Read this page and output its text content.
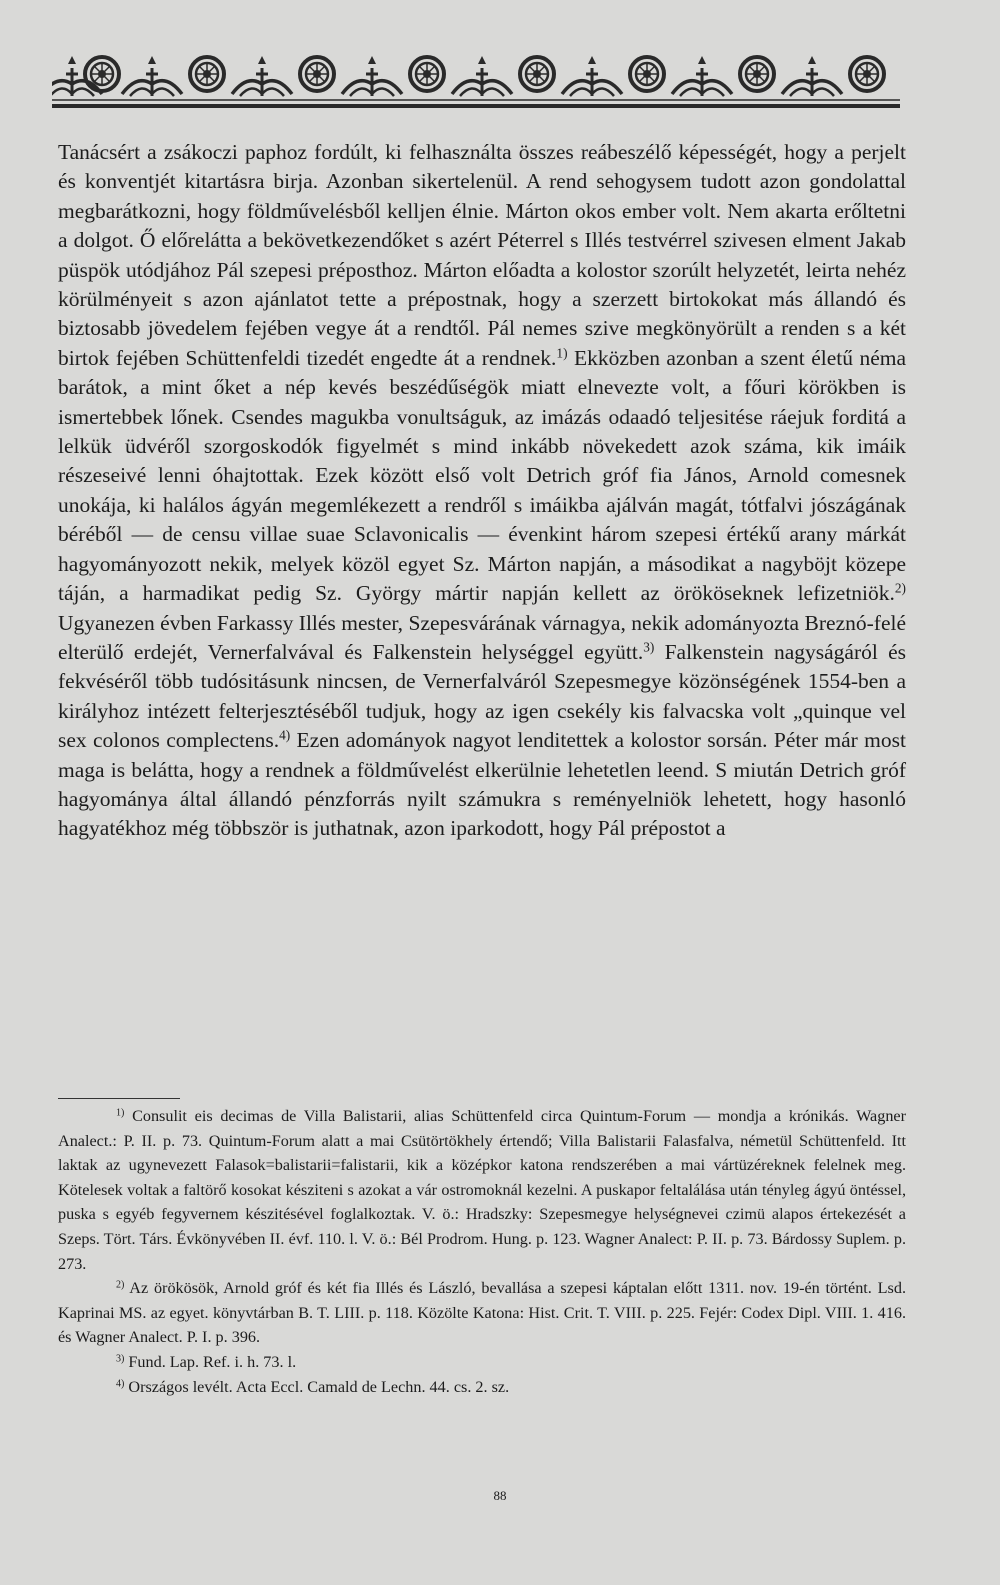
Tanácsért a zsákoczi paphoz fordúlt, ki felhasználta összes reábeszélő képességét, hogy a perjelt és konventjét kitartásra birja. Azonban sikertelenül. A rend sehogysem tudott azon gondolattal megbarátkozni, hogy földművelésből kelljen élnie. Márton okos ember volt. Nem akarta erőltetni a dolgot. Ő előrelátta a bekövetkezendőket s azért Péterrel s Illés testvérrel szivesen elment Jakab püspök utódjához Pál szepesi préposthoz. Márton előadta a kolostor szorúlt helyzetét, leirta nehéz körülményeit s azon ajánlatot tette a prépostnak, hogy a szerzett birtokokat más állandó és biztosabb jövedelem fejében vegye át a rendtől. Pál nemes szive megkönyörült a renden s a két birtok fejében Schüttenfeldi tizedét engedte át a rendnek.$^{1)}$ Ekközben azonban a szent életű néma barátok, a mint őket a nép kevés beszédűségök miatt elnevezte volt, a főuri körökben is ismertebbek lőnek. Csendes magukba vonultságuk, az imázás odaadó teljesitése ráejuk forditá a lelkük üdvéről szorgoskodók figyelmét s mind inkább növekedett azok száma, kik imáik részeseivé lenni óhajtottak. Ezek között első volt Detrich gróf fia János, Arnold comesnek unokája, ki halálos ágyán megemlékezett a rendről s imáikba ajálván magát, tótfalvi jószágának béréből — de censu villae suae Sclavonicalis — évenkint három szepesi értékű arany márkát hagyományozott nekik, melyek közöl egyet Sz. Márton napján, a másodikat a nagyböjt közepe táján, a harmadikat pedig Sz. György mártir napján kellett az örököseknek lefizetniök.$^{2)}$ Ugyanezen évben Farkassy Illés mester, Szepesvárának várnagya, nekik adományozta Breznó-felé elterülő erdejét, Vernerfalvával és Falkenstein helységgel együtt.$^{3)}$ Falkenstein nagyságáról és fekvéséről több tudósitásunk nincsen, de Vernerfalváról Szepesmegye közönségének 1554-ben a királyhoz intézett felterjesztéséből tudjuk, hogy az igen csekély kis falvacska volt „quinque vel sex colonos complectens.$^{4)}$ Ezen adományok nagyot lenditettek a kolostor sorsán. Péter már most maga is belátta, hogy a rendnek a földművelést elkerülnie lehetetlen leend. S miután Detrich gróf hagyománya által állandó pénzforrás nyilt számukra s reményelniök lehetett, hogy hasonló hagyatékhoz még többször is juthatnak, azon iparkodott, hogy Pál prépostot a

$^{1)}$ Consulit eis decimas de Villa Balistarii, alias Schüttenfeld circa Quintum-Forum — mondja a krónikás. Wagner Analect.: P. II. p. 73. Quintum-Forum alatt a mai Csütörtökhely értendő; Villa Balistarii Falasfalva, németül Schüttenfeld. Itt laktak az ugynevezett Falasok=balistarii=falistarii, kik a középkor katona rendszerében a mai vártüzéreknek felelnek meg. Kötelesek voltak a faltörő kosokat késziteni s azokat a vár ostromoknál kezelni. A puskapor feltalálása után tényleg ágyú öntéssel, puska s egyéb fegyvernem készitésével foglalkoztak. V. ö.: Hradszky: Szepesmegye helységnevei czimü alapos értekezését a Szeps. Tört. Társ. Évkönyvében II. évf. 110. l. V. ö.: Bél Prodrom. Hung. p. 123. Wagner Analect: P. II. p. 73. Bárdossy Suplem. p. 273.

$^{2)}$ Az örökösök, Arnold gróf és két fia Illés és László, bevallása a szepesi káptalan előtt 1311. nov. 19-én történt. Lsd. Kaprinai MS. az egyet. könyvtárban B. T. LIII. p. 118. Közölte Katona: Hist. Crit. T. VIII. p. 225. Fejér: Codex Dipl. VIII. 1. 416. és Wagner Analect. P. I. p. 396.

$^{3)}$ Fund. Lap. Ref. i. h. 73. l.

$^{4)}$ Országos levélt. Acta Eccl. Camald de Lechn. 44. cs. 2. sz.

88
